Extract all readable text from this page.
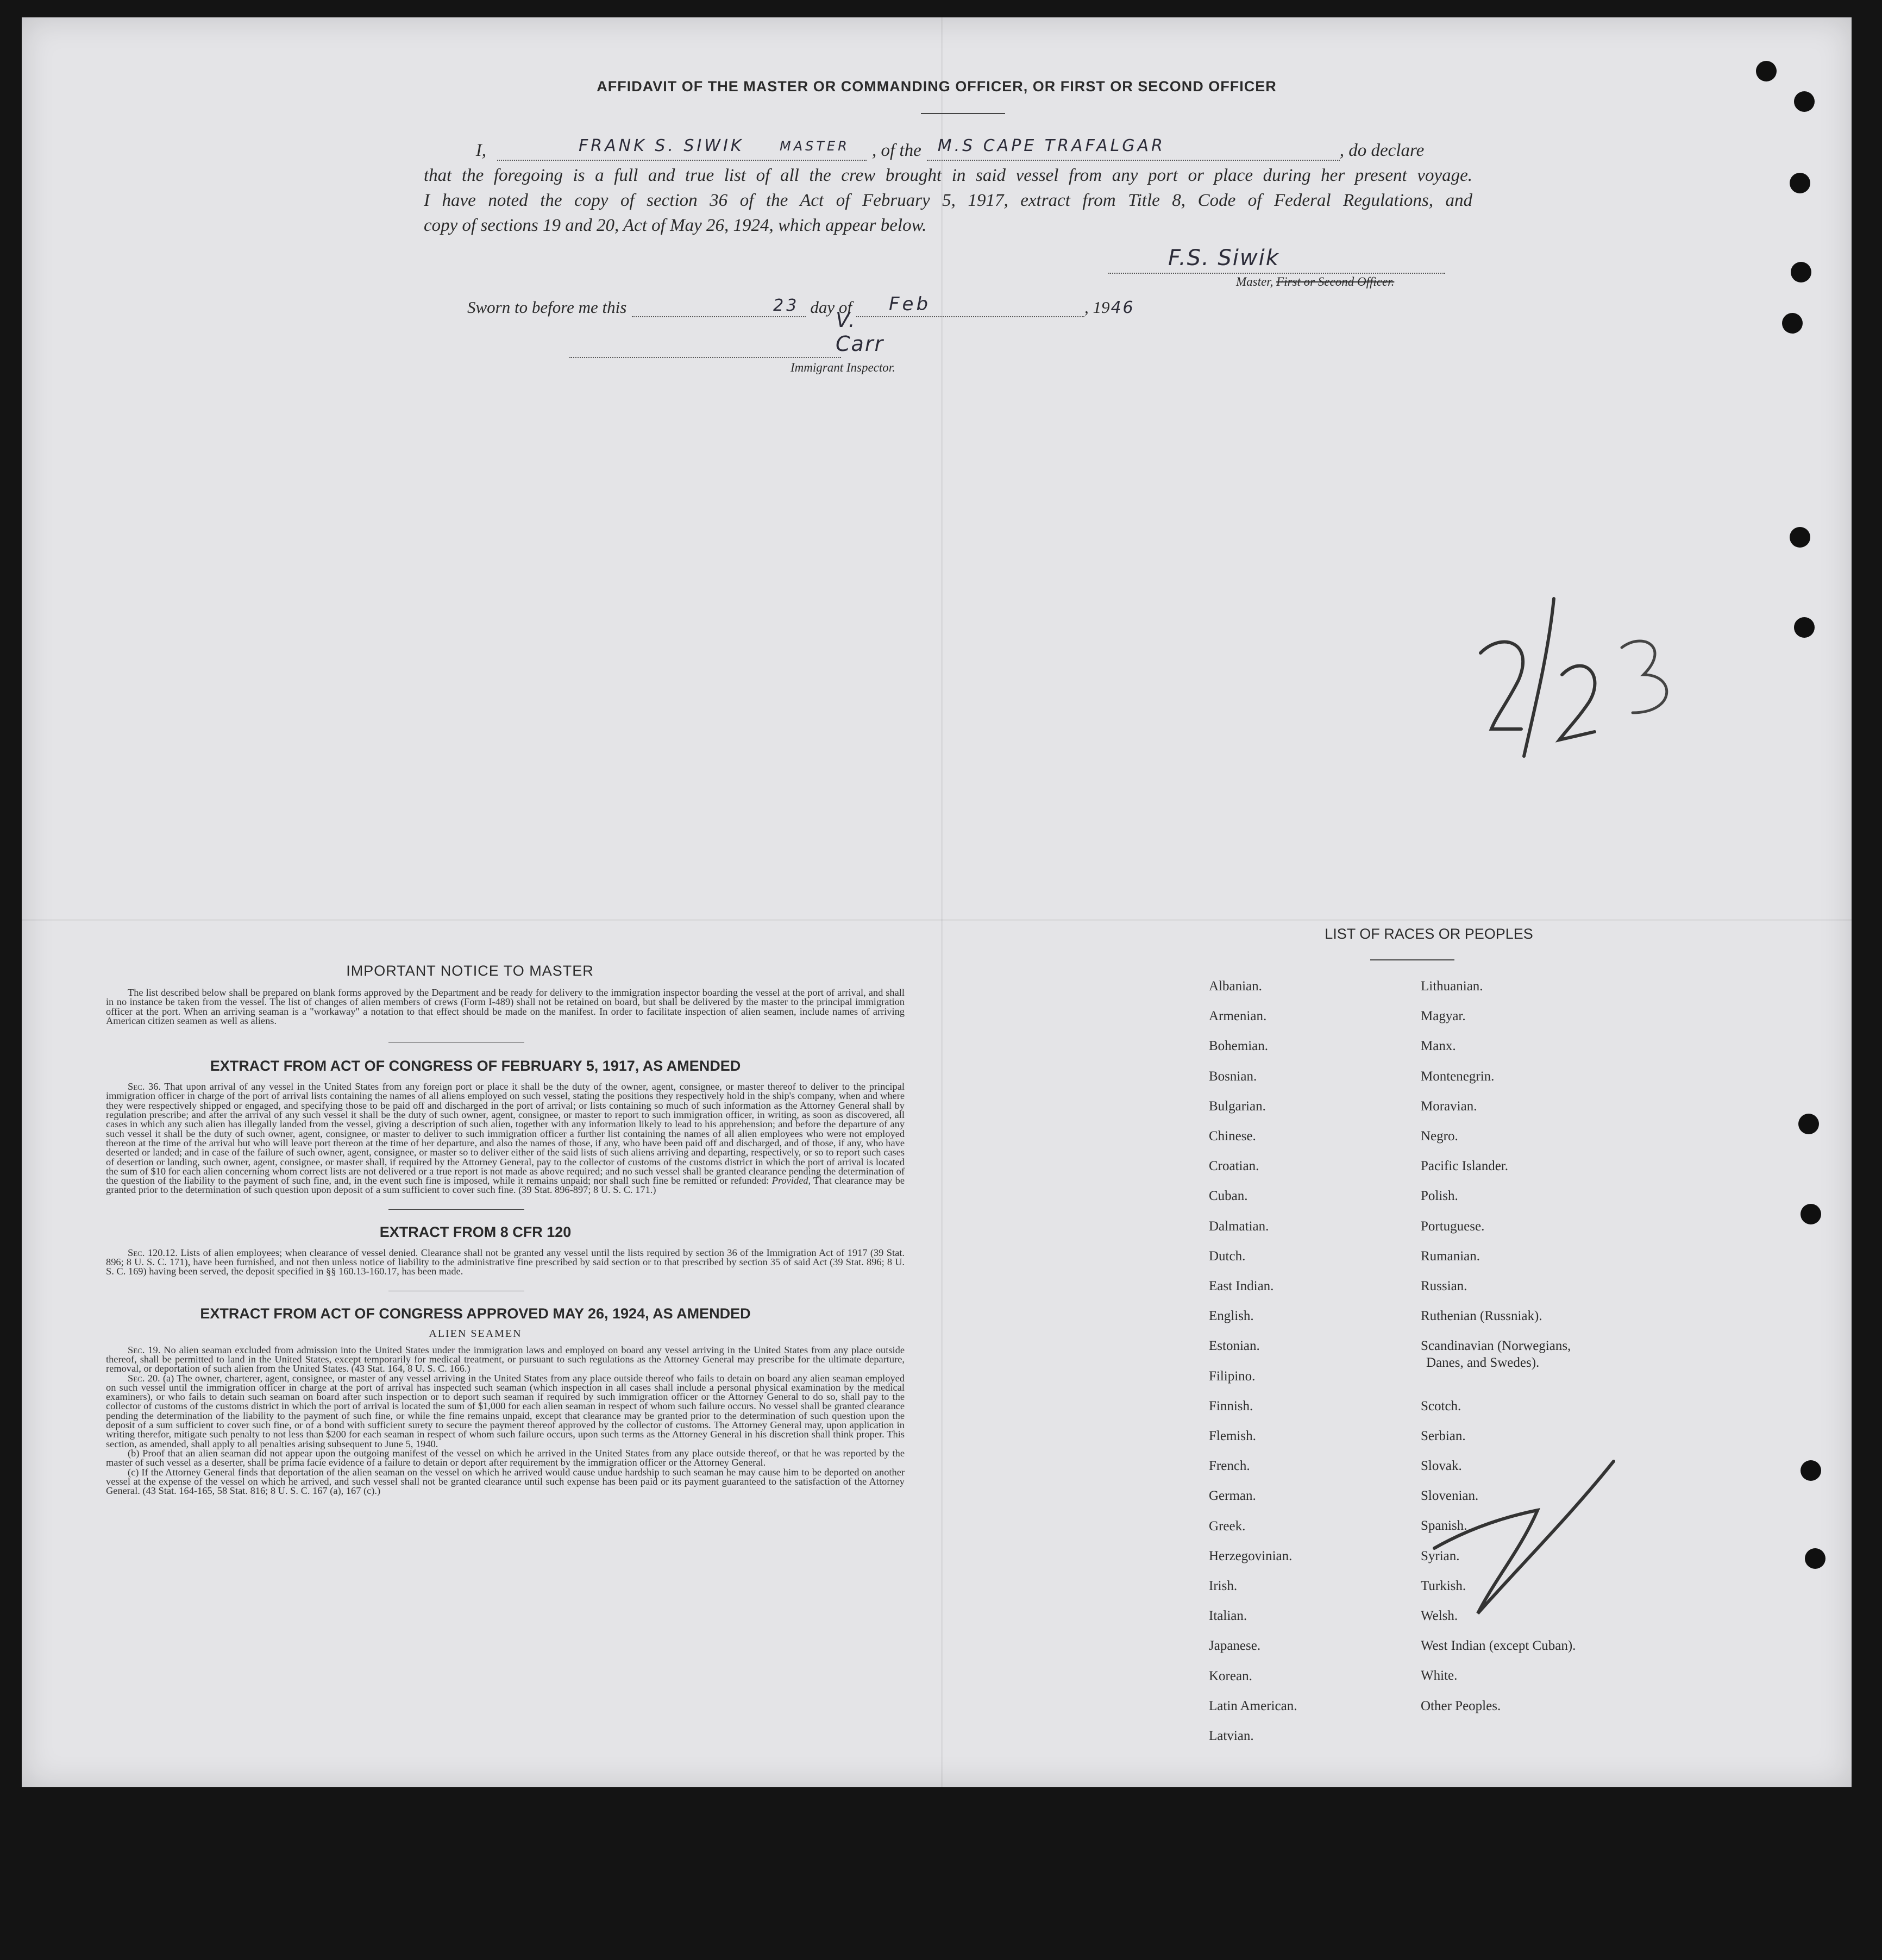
AFFIDAVIT OF THE MASTER OR COMMANDING OFFICER, OR FIRST OR SECOND OFFICER
I,	FRANK S. SIWIK	MASTER	, of the	M.S CAPE TRAFALGAR	, do declare
that the foregoing is a full and true list of all the crew brought in said vessel from any port or place during her present voyage.
I have noted the copy of section 36 of the Act of February 5, 1917, extract from Title 8, Code of Federal Regulations, and
copy of sections 19 and 20, Act of May 26, 1924, which appear below.
F.S. Siwik
Master, First or Second Officer.
Sworn to before me this	23 day of Feb	, 19 46
V. Carr
Immigrant Inspector.
IMPORTANT NOTICE TO MASTER
The list described below shall be prepared on blank forms approved by the Department and be ready for delivery to the immigration inspector boarding the vessel at the port of arrival, and shall in no instance be taken from the vessel. The list of changes of alien members of crews (Form I-489) shall not be retained on board, but shall be delivered by the master to the principal immigration officer at the port. When an arriving seaman is a "workaway" a notation to that effect should be made on the manifest. In order to facilitate inspection of alien seamen, include names of arriving American citizen seamen as well as aliens.
EXTRACT FROM ACT OF CONGRESS OF FEBRUARY 5, 1917, AS AMENDED
Sec. 36. That upon arrival of any vessel in the United States from any foreign port or place it shall be the duty of the owner, agent, consignee, or master thereof to deliver to the principal immigration officer in charge of the port of arrival lists containing the names of all aliens employed on such vessel, stating the positions they respectively hold in the ship's company, when and where they were respectively shipped or engaged, and specifying those to be paid off and discharged in the port of arrival; or lists containing so much of such information as the Attorney General shall by regulation prescribe; and after the arrival of any such vessel it shall be the duty of such owner, agent, consignee, or master to report to such immigration officer, in writing, as soon as discovered, all cases in which any such alien has illegally landed from the vessel, giving a description of such alien, together with any information likely to lead to his apprehension; and before the departure of any such vessel it shall be the duty of such owner, agent, consignee, or master to deliver to such immigration officer a further list containing the names of all alien employees who were not employed thereon at the time of the arrival but who will leave port thereon at the time of her departure, and also the names of those, if any, who have been paid off and discharged, and of those, if any, who have deserted or landed; and in case of the failure of such owner, agent, consignee, or master so to deliver either of the said lists of such aliens arriving and departing, respectively, or so to report such cases of desertion or landing, such owner, agent, consignee, or master shall, if required by the Attorney General, pay to the collector of customs of the customs district in which the port of arrival is located the sum of $10 for each alien concerning whom correct lists are not delivered or a true report is not made as above required; and no such vessel shall be granted clearance pending the determination of the question of the liability to the payment of such fine, and, in the event such fine is imposed, while it remains unpaid; nor shall such fine be remitted or refunded: Provided, That clearance may be granted prior to the determination of such question upon deposit of a sum sufficient to cover such fine. (39 Stat. 896-897; 8 U. S. C. 171.)
EXTRACT FROM 8 CFR 120
Sec. 120.12. Lists of alien employees; when clearance of vessel denied. Clearance shall not be granted any vessel until the lists required by section 36 of the Immigration Act of 1917 (39 Stat. 896; 8 U. S. C. 171), have been furnished, and not then unless notice of liability to the administrative fine prescribed by said section or to that prescribed by section 35 of said Act (39 Stat. 896; 8 U. S. C. 169) having been served, the deposit specified in §§ 160.13-160.17, has been made.
EXTRACT FROM ACT OF CONGRESS APPROVED MAY 26, 1924, AS AMENDED
ALIEN SEAMEN
Sec. 19. No alien seaman excluded from admission into the United States under the immigration laws and employed on board any vessel arriving in the United States from any place outside thereof, shall be permitted to land in the United States, except temporarily for medical treatment, or pursuant to such regulations as the Attorney General may prescribe for the ultimate departure, removal, or deportation of such alien from the United States. (43 Stat. 164, 8 U. S. C. 166.)
Sec. 20. (a) The owner, charterer, agent, consignee, or master of any vessel arriving in the United States from any place outside thereof who fails to detain on board any alien seaman employed on such vessel until the immigration officer in charge at the port of arrival has inspected such seaman (which inspection in all cases shall include a personal physical examination by the medical examiners), or who fails to detain such seaman on board after such inspection or to deport such seaman if required by such immigration officer or the Attorney General to do so, shall pay to the collector of customs of the customs district in which the port of arrival is located the sum of $1,000 for each alien seaman in respect of whom such failure occurs. No vessel shall be granted clearance pending the determination of the liability to the payment of such fine, or while the fine remains unpaid, except that clearance may be granted prior to the determination of such question upon the deposit of a sum sufficient to cover such fine, or of a bond with sufficient surety to secure the payment thereof approved by the collector of customs. The Attorney General may, upon application in writing therefor, mitigate such penalty to not less than $200 for each seaman in respect of whom such failure occurs, upon such terms as the Attorney General in his discretion shall think proper. This section, as amended, shall apply to all penalties arising subsequent to June 5, 1940.
(b) Proof that an alien seaman did not appear upon the outgoing manifest of the vessel on which he arrived in the United States from any place outside thereof, or that he was reported by the master of such vessel as a deserter, shall be prima facie evidence of a failure to detain or deport after requirement by the immigration officer or the Attorney General.
(c) If the Attorney General finds that deportation of the alien seaman on the vessel on which he arrived would cause undue hardship to such seaman he may cause him to be deported on another vessel at the expense of the vessel on which he arrived, and such vessel shall not be granted clearance until such expense has been paid or its payment guaranteed to the satisfaction of the Attorney General. (43 Stat. 164-165, 58 Stat. 816; 8 U. S. C. 167 (a), 167 (c).)
LIST OF RACES OR PEOPLES
Albanian.
Armenian.
Bohemian.
Bosnian.
Bulgarian.
Chinese.
Croatian.
Cuban.
Dalmatian.
Dutch.
East Indian.
English.
Estonian.
Filipino.
Finnish.
Flemish.
French.
German.
Greek.
Herzegovinian.
Irish.
Italian.
Japanese.
Korean.
Latin American.
Latvian.
Lithuanian.
Magyar.
Manx.
Montenegrin.
Moravian.
Negro.
Pacific Islander.
Polish.
Portuguese.
Rumanian.
Russian.
Ruthenian (Russniak).
Scandinavian (Norwegians,
Danes, and Swedes).
Scotch.
Serbian.
Slovak.
Slovenian.
Spanish.
Syrian.
Turkish.
Welsh.
West Indian (except Cuban).
White.
Other Peoples.
